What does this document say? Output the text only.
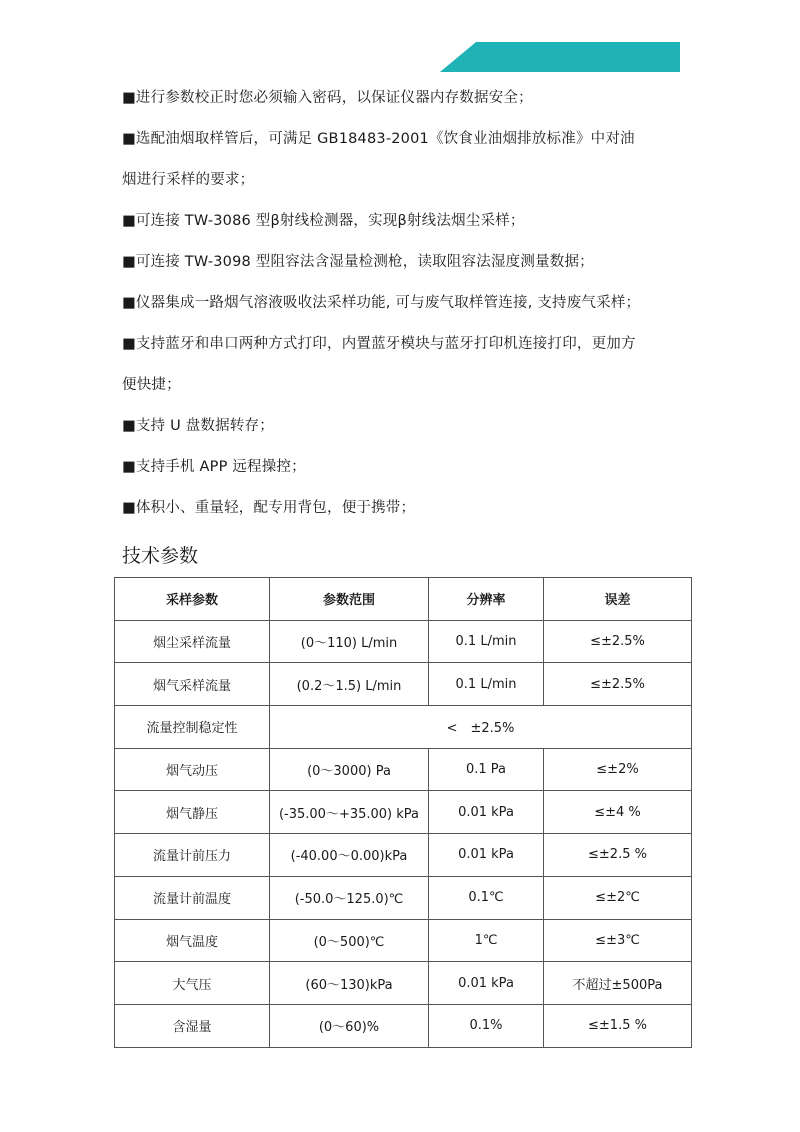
■进行参数校正时您必须输入密码，以保证仪器内存数据安全；
■选配油烟取样管后，可满足 GB18483-2001《饮食业油烟排放标准》中对油
烟进行采样的要求；
■可连接 TW-3086 型β射线检测器，实现β射线法烟尘采样；
■可连接 TW-3098 型阻容法含湿量检测枪，读取阻容法湿度测量数据；
■仪器集成一路烟气溶液吸收法采样功能, 可与废气取样管连接, 支持废气采样；
■支持蓝牙和串口两种方式打印，内置蓝牙模块与蓝牙打印机连接打印，更加方
便快捷；
■支持 U 盘数据转存；
■支持手机 APP 远程操控；
■体积小、重量轻，配专用背包，便于携带；
技术参数
采样参数	参数范围	分辨率	误差
烟尘采样流量	(0～110) L/min	0.1 L/min	≤±2.5%
烟气采样流量	(0.2～1.5) L/min	0.1 L/min	≤±2.5%
流量控制稳定性	<　±2.5%		
烟气动压	(0～3000) Pa	0.1 Pa	≤±2%
烟气静压	(-35.00～+35.00) kPa	0.01 kPa	≤±4 %
流量计前压力	(-40.00～0.00)kPa	0.01 kPa	≤±2.5 %
流量计前温度	(-50.0～125.0)℃	0.1℃	≤±2℃
烟气温度	(0～500)℃	1℃	≤±3℃
大气压	(60～130)kPa	0.01 kPa	不超过±500Pa
含湿量	(0～60)%	0.1%	≤±1.5 %
